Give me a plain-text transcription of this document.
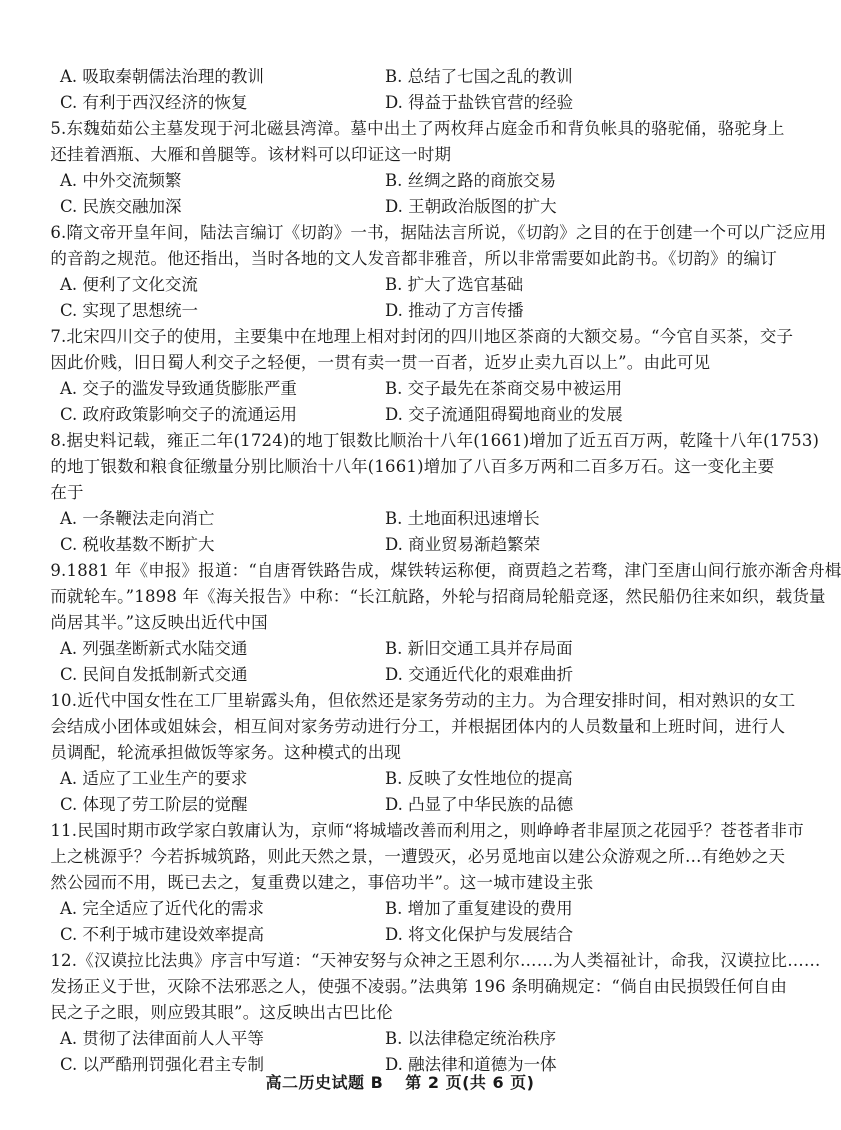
A. 吸取秦朝儒法治理的教训	B. 总结了七国之乱的教训
C. 有利于西汉经济的恢复	D. 得益于盐铁官营的经验
5.东魏茹茹公主墓发现于河北磁县湾漳。墓中出土了两枚拜占庭金币和背负帐具的骆驼俑，骆驼身上
还挂着酒瓶、大雁和兽腿等。该材料可以印证这一时期
A. 中外交流频繁	B. 丝绸之路的商旅交易
C. 民族交融加深	D. 王朝政治版图的扩大
6.隋文帝开皇年间，陆法言编订《切韵》一书，据陆法言所说，《切韵》之目的在于创建一个可以广泛应用
的音韵之规范。他还指出，当时各地的文人发音都非雅音，所以非常需要如此韵书。《切韵》的编订
A. 便利了文化交流	B. 扩大了选官基础
C. 实现了思想统一	D. 推动了方言传播
7.北宋四川交子的使用，主要集中在地理上相对封闭的四川地区茶商的大额交易。“今官自买茶，交子
因此价贱，旧日蜀人利交子之轻便，一贯有卖一贯一百者，近岁止卖九百以上”。由此可见
A. 交子的滥发导致通货膨胀严重	B. 交子最先在茶商交易中被运用
C. 政府政策影响交子的流通运用	D. 交子流通阻碍蜀地商业的发展
8.据史料记载，雍正二年(1724)的地丁银数比顺治十八年(1661)增加了近五百万两，乾隆十八年(1753)
的地丁银数和粮食征缴量分别比顺治十八年(1661)增加了八百多万两和二百多万石。这一变化主要
在于
A. 一条鞭法走向消亡	B. 土地面积迅速增长
C. 税收基数不断扩大	D. 商业贸易渐趋繁荣
9.1881 年《申报》报道：“自唐胥铁路告成，煤铁转运称便，商贾趋之若骛，津门至唐山间行旅亦渐舍舟楫
而就轮车。”1898 年《海关报告》中称：“长江航路，外轮与招商局轮船竞逐，然民船仍往来如织，载货量
尚居其半。”这反映出近代中国
A. 列强垄断新式水陆交通	B. 新旧交通工具并存局面
C. 民间自发抵制新式交通	D. 交通近代化的艰难曲折
10.近代中国女性在工厂里崭露头角，但依然还是家务劳动的主力。为合理安排时间，相对熟识的女工
会结成小团体或姐妹会，相互间对家务劳动进行分工，并根据团体内的人员数量和上班时间，进行人
员调配，轮流承担做饭等家务。这种模式的出现
A. 适应了工业生产的要求	B. 反映了女性地位的提高
C. 体现了劳工阶层的觉醒	D. 凸显了中华民族的品德
11.民国时期市政学家白敦庸认为，京师“将城墙改善而利用之，则峥峥者非屋顶之花园乎？苍苍者非市
上之桃源乎？今若拆城筑路，则此天然之景，一遭毁灭，必另觅地亩以建公众游观之所…有绝妙之天
然公园而不用，既已去之，复重费以建之，事倍功半”。这一城市建设主张
A. 完全适应了近代化的需求	B. 增加了重复建设的费用
C. 不利于城市建设效率提高	D. 将文化保护与发展结合
12.《汉谟拉比法典》序言中写道：“天神安努与众神之王恩利尔……为人类福祉计，命我，汉谟拉比……
发扬正义于世，灭除不法邪恶之人，使强不凌弱。”法典第 196 条明确规定：“倘自由民损毁任何自由
民之子之眼，则应毁其眼”。这反映出古巴比伦
A. 贯彻了法律面前人人平等	B. 以法律稳定统治秩序
C. 以严酷刑罚强化君主专制	D. 融法律和道德为一体
高二历史试题 B 第 2 页(共 6 页)
